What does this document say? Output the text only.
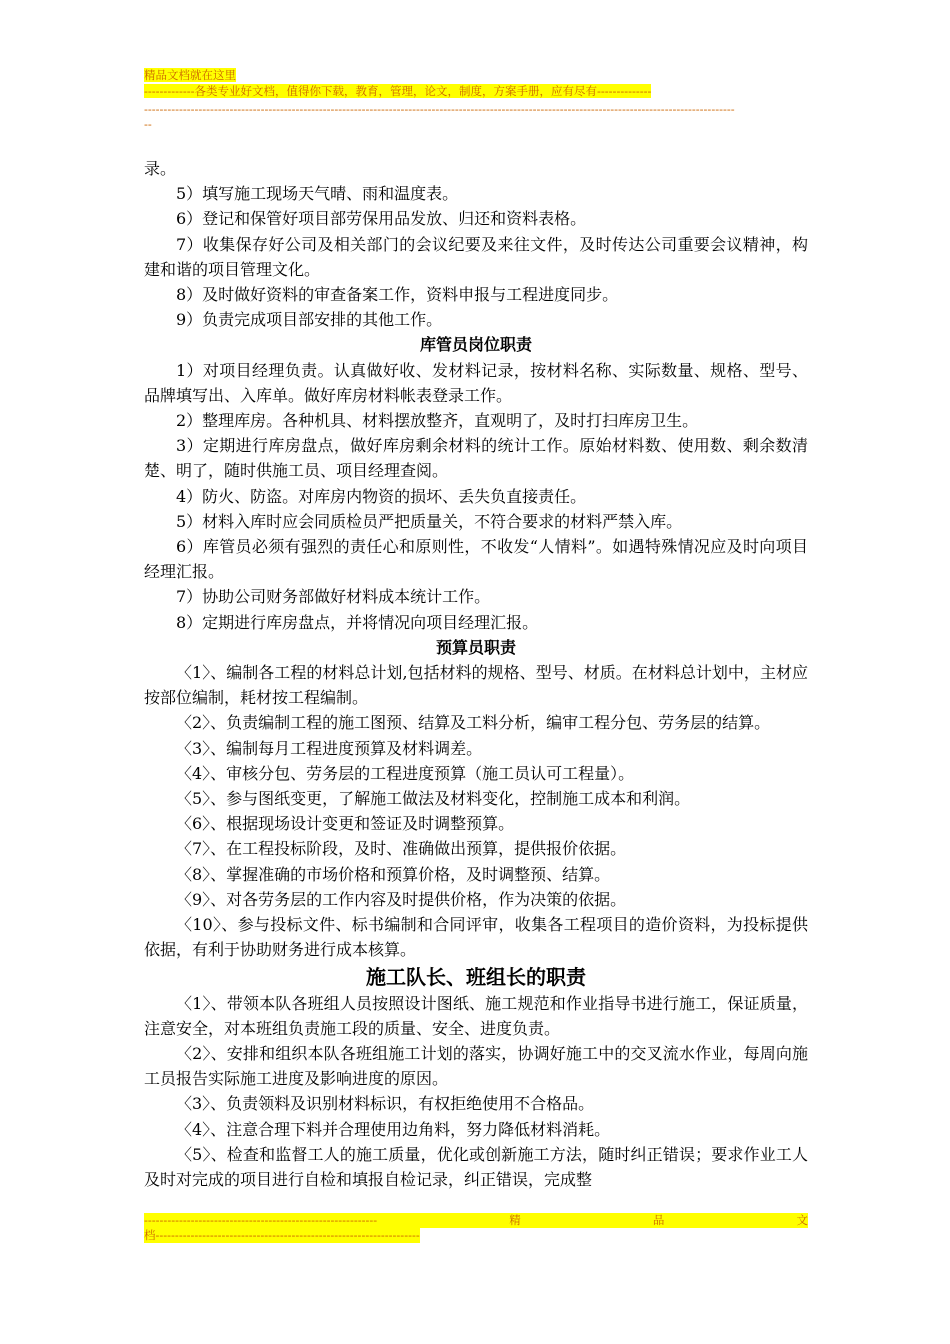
精品文档就在这里
-------------各类专业好文档，值得你下载，教育，管理，论文，制度，方案手册，应有尽有--------------
--------------------------------------------------------------------------------------------------------------------------------------------------------
--

录。

5）填写施工现场天气晴、雨和温度表。

6）登记和保管好项目部劳保用品发放、归还和资料表格。

7）收集保存好公司及相关部门的会议纪要及来往文件，及时传达公司重要会议精神，构建和谐的项目管理文化。

8）及时做好资料的审查备案工作，资料申报与工程进度同步。

9）负责完成项目部安排的其他工作。

库管员岗位职责

1）对项目经理负责。认真做好收、发材料记录，按材料名称、实际数量、规格、型号、品牌填写出、入库单。做好库房材料帐表登录工作。

2）整理库房。各种机具、材料摆放整齐，直观明了，及时打扫库房卫生。

3）定期进行库房盘点，做好库房剩余材料的统计工作。原始材料数、使用数、剩余数清楚、明了，随时供施工员、项目经理查阅。

4）防火、防盗。对库房内物资的损坏、丢失负直接责任。

5）材料入库时应会同质检员严把质量关，不符合要求的材料严禁入库。

6）库管员必须有强烈的责任心和原则性，不收发“人情料”。如遇特殊情况应及时向项目经理汇报。

7）协助公司财务部做好材料成本统计工作。

8）定期进行库房盘点，并将情况向项目经理汇报。

预算员职责

〈1〉、编制各工程的材料总计划,包括材料的规格、型号、材质。在材料总计划中，主材应按部位编制，耗材按工程编制。

〈2〉、负责编制工程的施工图预、结算及工料分析，编审工程分包、劳务层的结算。

〈3〉、编制每月工程进度预算及材料调差。

〈4〉、审核分包、劳务层的工程进度预算（施工员认可工程量）。

〈5〉、参与图纸变更，了解施工做法及材料变化，控制施工成本和利润。

〈6〉、根据现场设计变更和签证及时调整预算。

〈7〉、在工程投标阶段，及时、准确做出预算，提供报价依据。

〈8〉、掌握准确的市场价格和预算价格，及时调整预、结算。

〈9〉、对各劳务层的工作内容及时提供价格，作为决策的依据。

〈10〉、参与投标文件、标书编制和合同评审，收集各工程项目的造价资料，为投标提供依据，有利于协助财务进行成本核算。

施工队长、班组长的职责

〈1〉、带领本队各班组人员按照设计图纸、施工规范和作业指导书进行施工，保证质量，注意安全，对本班组负责施工段的质量、安全、进度负责。

〈2〉、安排和组织本队各班组施工计划的落实，协调好施工中的交叉流水作业，每周向施工员报告实际施工进度及影响进度的原因。

〈3〉、负责领料及识别材料标识，有权拒绝使用不合格品。

〈4〉、注意合理下料并合理使用边角料，努力降低材料消耗。

〈5〉、检查和监督工人的施工质量，优化或创新施工方法，随时纠正错误；要求作业工人及时对完成的项目进行自检和填报自检记录，纠正错误，完成整

------------------------------------------------------------	精	品	文
档--------------------------------------------------------------------
